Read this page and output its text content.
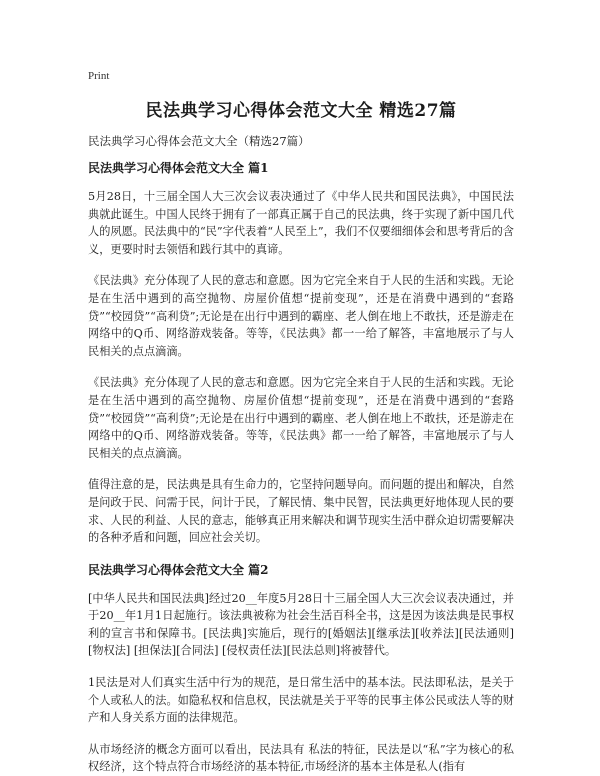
Print
民法典学习心得体会范文大全 精选27篇
民法典学习心得体会范文大全（精选27篇）
民法典学习心得体会范文大全 篇1

5月28日，十三届全国人大三次会议表决通过了《中华人民共和国民法典》，中国民法典就此诞生。中国人民终于拥有了一部真正属于自己的民法典，终于实现了新中国几代人的夙愿。民法典中的“民”字代表着“人民至上”，我们不仅要细细体会和思考背后的含义，更要时时去领悟和践行其中的真谛。

《民法典》充分体现了人民的意志和意愿。因为它完全来自于人民的生活和实践。无论是在生活中遇到的高空抛物、房屋价值想“提前变现”，还是在消费中遇到的“套路贷”“校园贷”“高利贷”;无论是在出行中遇到的霸座、老人倒在地上不敢扶，还是游走在网络中的Q币、网络游戏装备。等等，《民法典》都一一给了解答，丰富地展示了与人民相关的点点滴滴。

《民法典》充分体现了人民的意志和意愿。因为它完全来自于人民的生活和实践。无论是在生活中遇到的高空抛物、房屋价值想“提前变现”，还是在消费中遇到的“套路贷”“校园贷”“高利贷”;无论是在出行中遇到的霸座、老人倒在地上不敢扶，还是游走在网络中的Q币、网络游戏装备。等等，《民法典》都一一给了解答，丰富地展示了与人民相关的点点滴滴。

值得注意的是，民法典是具有生命力的，它坚持问题导向。而问题的提出和解决，自然是问政于民、问需于民，问计于民，了解民情、集中民智，民法典更好地体现人民的要求、人民的利益、人民的意志，能够真正用来解决和调节现实生活中群众迫切需要解决的各种矛盾和问题，回应社会关切。

民法典学习心得体会范文大全 篇2

[中华人民共和国民法典]经过20__年度5月28日十三届全国人大三次会议表决通过，并于20__年1月1日起施行。该法典被称为社会生活百科全书，这是因为该法典是民事权利的宣言书和保障书。[民法典]实施后，现行的[婚姻法][继承法][收养法][民法通则][物权法] [担保法][合同法] [侵权责任法][民法总则]将被替代。

1民法是对人们真实生活中行为的规范，是日常生活中的基本法。民法即私法，是关于个人或私人的法。如隐私权和信息权，民法就是关于平等的民事主体公民或法人等的财产和人身关系方面的法律规范。

从市场经济的概念方面可以看出，民法具有 私法的特征，民法是以“私”字为核心的私权经济，这个特点符合市场经济的基本特征,市场经济的基本主体是私人(指有
